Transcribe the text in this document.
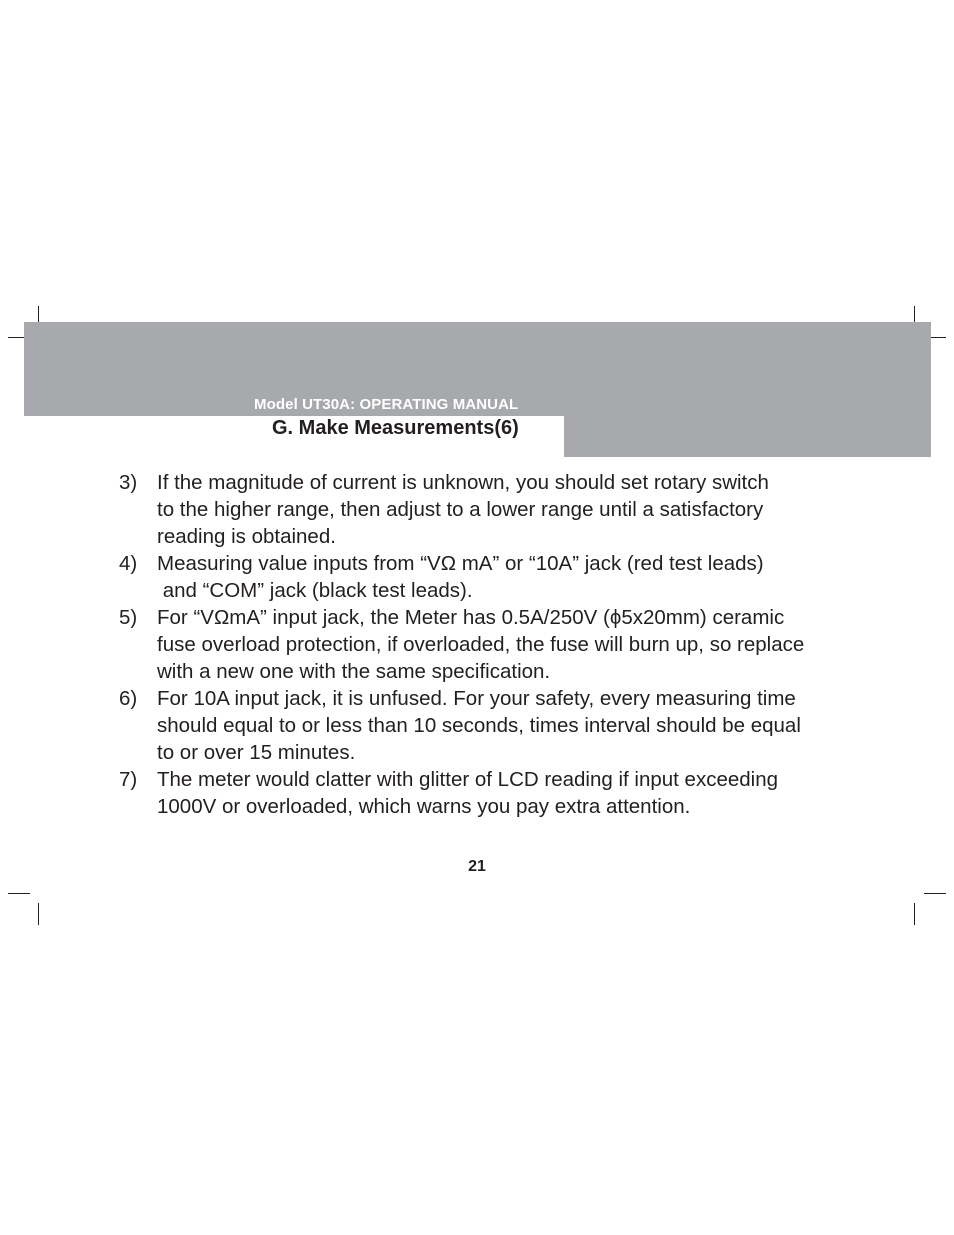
Model UT30A: OPERATING MANUAL
G. Make Measurements(6)
3) If the magnitude of current is unknown, you should set rotary switch
to the higher range, then adjust to a lower range until a satisfactory
reading is obtained.
4) Measuring value inputs from “VΩ mA” or “10A” jack (red test leads)
and “COM” jack (black test leads).
5) For “VΩmA” input jack, the Meter has 0.5A/250V (ϕ5x20mm) ceramic
fuse overload protection, if overloaded, the fuse will burn up, so replace
with a new one with the same specification.
6) For 10A input jack, it is unfused. For your safety, every measuring time
should equal to or less than 10 seconds, times interval should be equal
to or over 15 minutes.
7) The meter would clatter with glitter of LCD reading if input exceeding
1000V or overloaded, which warns you pay extra attention.
21
